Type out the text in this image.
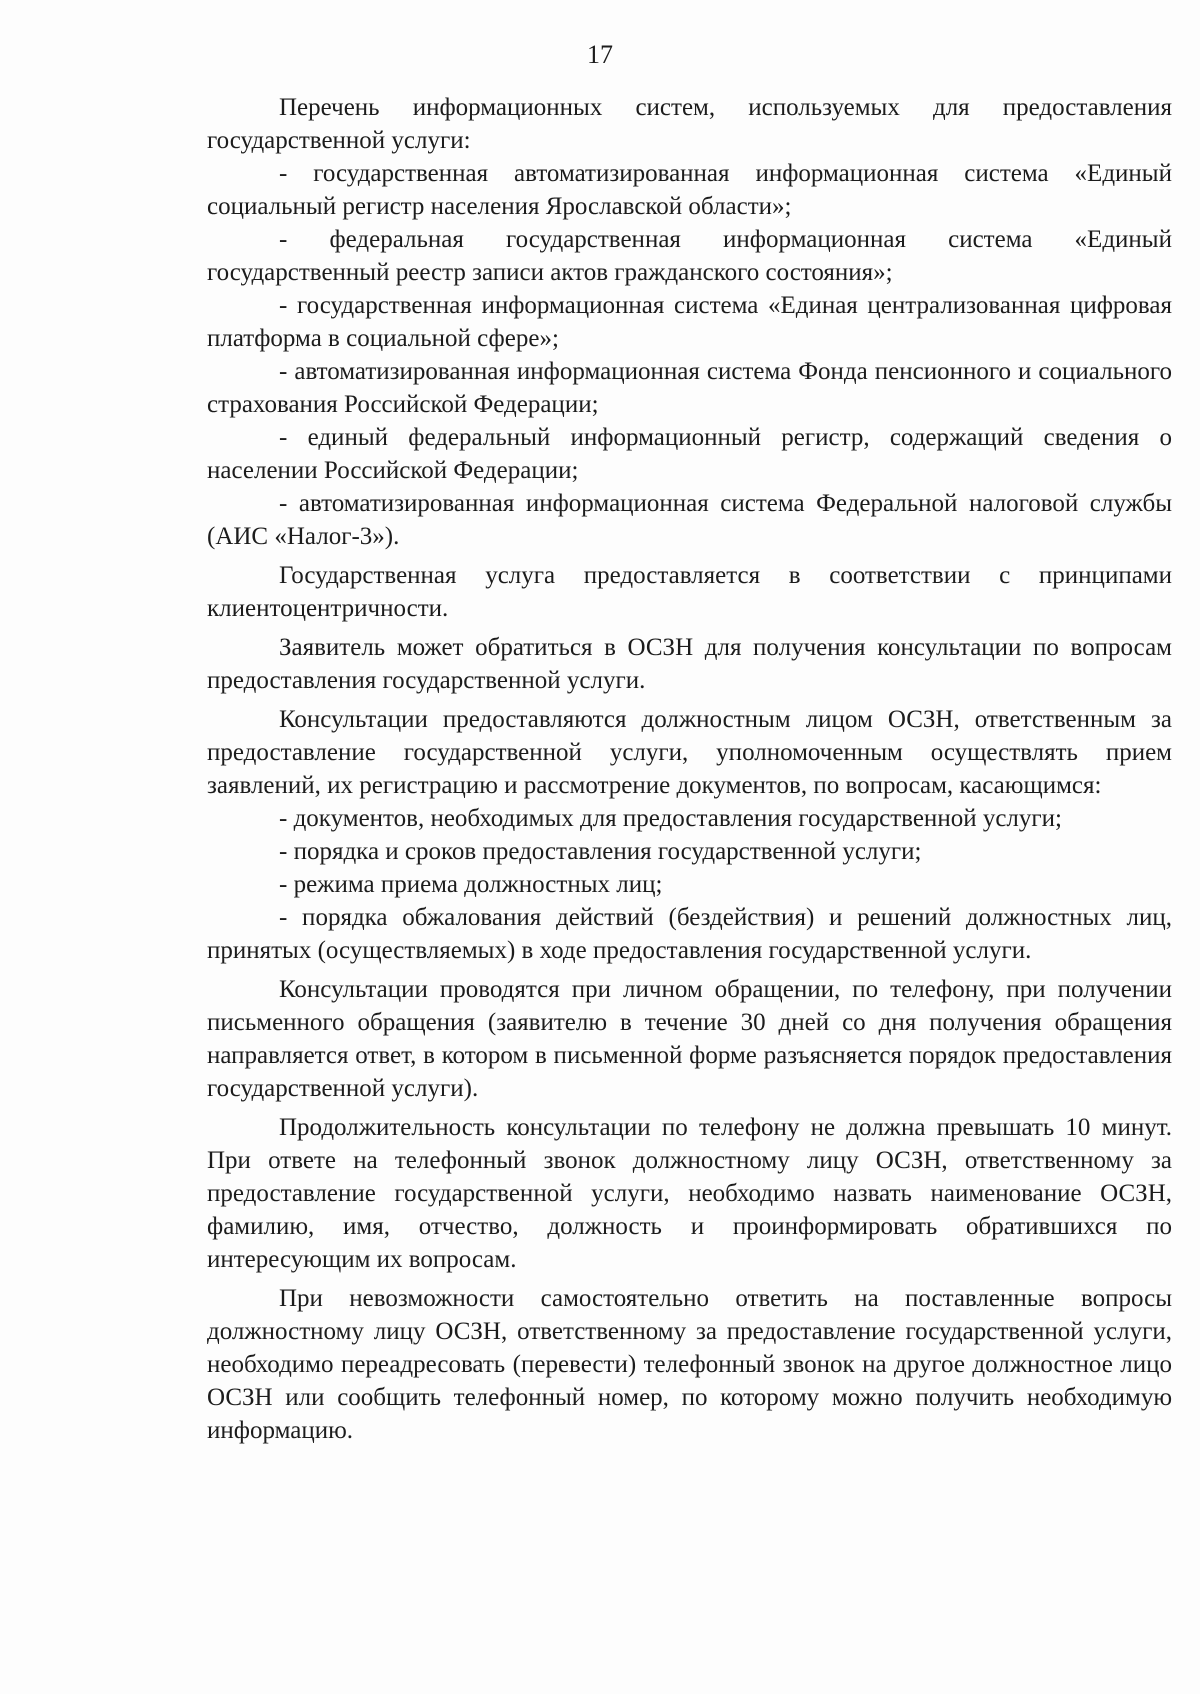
17

Перечень информационных систем, используемых для предоставления государственной услуги:

- государственная автоматизированная информационная система «Единый социальный регистр населения Ярославской области»;

- федеральная государственная информационная система «Единый государственный реестр записи актов гражданского состояния»;

- государственная информационная система «Единая централизованная цифровая платформа в социальной сфере»;

- автоматизированная информационная система Фонда пенсионного и социального страхования Российской Федерации;

- единый федеральный информационный регистр, содержащий сведения о населении Российской Федерации;

- автоматизированная информационная система Федеральной налоговой службы (АИС «Налог-3»).

Государственная услуга предоставляется в соответствии с принципами клиентоцентричности.

Заявитель может обратиться в ОСЗН для получения консультации по вопросам предоставления государственной услуги.

Консультации предоставляются должностным лицом ОСЗН, ответственным за предоставление государственной услуги, уполномоченным осуществлять прием заявлений, их регистрацию и рассмотрение документов, по вопросам, касающимся:

- документов, необходимых для предоставления государственной услуги;

- порядка и сроков предоставления государственной услуги;

- режима приема должностных лиц;

- порядка обжалования действий (бездействия) и решений должностных лиц, принятых (осуществляемых) в ходе предоставления государственной услуги.

Консультации проводятся при личном обращении, по телефону, при получении письменного обращения (заявителю в течение 30 дней со дня получения обращения направляется ответ, в котором в письменной форме разъясняется порядок предоставления государственной услуги).

Продолжительность консультации по телефону не должна превышать 10 минут. При ответе на телефонный звонок должностному лицу ОСЗН, ответственному за предоставление государственной услуги, необходимо назвать наименование ОСЗН, фамилию, имя, отчество, должность и проинформировать обратившихся по интересующим их вопросам.

При невозможности самостоятельно ответить на поставленные вопросы должностному лицу ОСЗН, ответственному за предоставление государственной услуги, необходимо переадресовать (перевести) телефонный звонок на другое должностное лицо ОСЗН или сообщить телефонный номер, по которому можно получить необходимую информацию.
